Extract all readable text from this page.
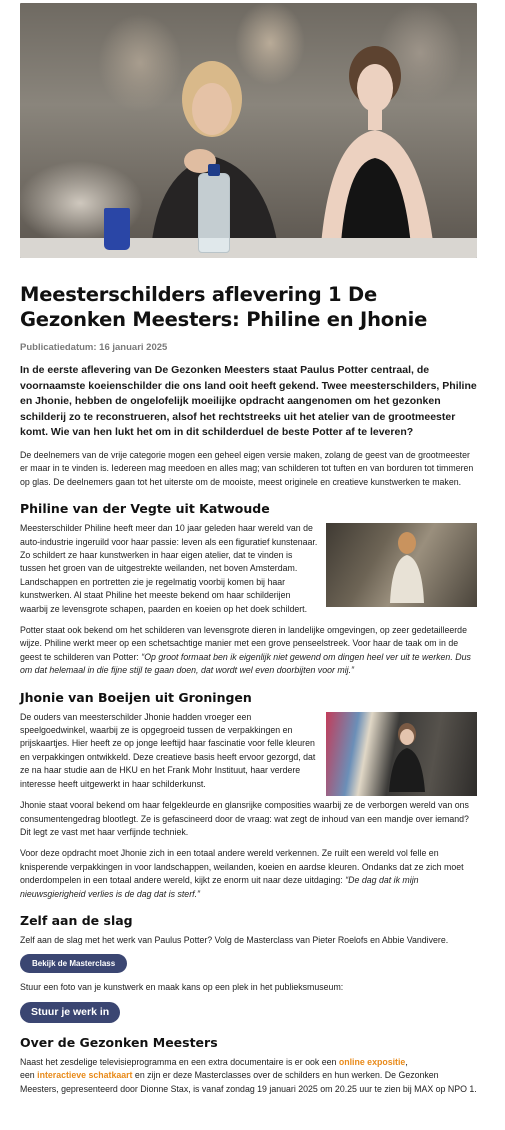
Meesterschilders aflevering 1 De Gezonken Meesters: Philine en Jhonie
Publicatiedatum: 16 januari 2025

In de eerste aflevering van De Gezonken Meesters staat Paulus Potter centraal, de voornaamste koeienschilder die ons land ooit heeft gekend. Twee meesterschilders, Philine en Jhonie, hebben de ongelofelijk moeilijke opdracht aangenomen om het gezonken schilderij zo te reconstrueren, alsof het rechtstreeks uit het atelier van de grootmeester komt. Wie van hen lukt het om in dit schilderduel de beste Potter af te leveren?

De deelnemers van de vrije categorie mogen een geheel eigen versie maken, zolang de geest van de grootmeester er maar in te vinden is. Iedereen mag meedoen en alles mag; van schilderen tot tuften en van borduren tot timmeren op glas. De deelnemers gaan tot het uiterste om de mooiste, meest originele en creatieve kunstwerken te maken.

Philine van der Vegte uit Katwoude
Meesterschilder Philine heeft meer dan 10 jaar geleden haar wereld van de auto-industrie ingeruild voor haar passie: leven als een figuratief kunstenaar. Zo schildert ze haar kunstwerken in haar eigen atelier, dat te vinden is tussen het groen van de uitgestrekte weilanden, net boven Amsterdam. Landschappen en portretten zie je regelmatig voorbij komen bij haar kunstwerken. Al staat Philine het meeste bekend om haar schilderijen waarbij ze levensgrote schapen, paarden en koeien op het doek schildert.

Potter staat ook bekend om het schilderen van levensgrote dieren in landelijke omgevingen, op zeer gedetailleerde wijze. Philine werkt meer op een schetsachtige manier met een grove penseelstreek. Voor haar de taak om in de geest te schilderen van Potter: “Op groot formaat ben ik eigenlijk niet gewend om dingen heel ver uit te werken. Dus om dat helemaal in die fijne stijl te gaan doen, dat wordt wel even doorbijten voor mij.”

Jhonie van Boeijen uit Groningen
De ouders van meesterschilder Jhonie hadden vroeger een speelgoedwinkel, waarbij ze is opgegroeid tussen de verpakkingen en prijskaartjes. Hier heeft ze op jonge leeftijd haar fascinatie voor felle kleuren en verpakkingen ontwikkeld. Deze creatieve basis heeft ervoor gezorgd, dat ze na haar studie aan de HKU en het Frank Mohr Instituut, haar verdere interesse heeft uitgewerkt in haar schilderkunst.

Jhonie staat vooral bekend om haar felgekleurde en glansrijke composities waarbij ze de verborgen wereld van ons consumentengedrag blootlegt. Ze is gefascineerd door de vraag: wat zegt de inhoud van een mandje over iemand? Dit legt ze vast met haar verfijnde techniek.

Voor deze opdracht moet Jhonie zich in een totaal andere wereld verkennen. Ze ruilt een wereld vol felle en knisperende verpakkingen in voor landschappen, weilanden, koeien en aardse kleuren. Ondanks dat ze zich moet onderdompelen in een totaal andere wereld, kijkt ze enorm uit naar deze uitdaging: “De dag dat ik mijn nieuwsgierigheid verlies is de dag dat is sterf.”

Zelf aan de slag

Zelf aan de slag met het werk van Paulus Potter? Volg de Masterclass van Pieter Roelofs en Abbie Vandivere.

Bekijk de Masterclass

Stuur een foto van je kunstwerk en maak kans op een plek in het publieksmuseum:

Stuur je werk in
Over de Gezonken Meesters

Naast het zesdelige televisieprogramma en een extra documentaire is er ook een online expositie,
een interactieve schatkaart en zijn er deze Masterclasses over de schilders en hun werken. De Gezonken Meesters, gepresenteerd door Dionne Stax, is vanaf zondag 19 januari 2025 om 20.25 uur te zien bij MAX op NPO 1.
